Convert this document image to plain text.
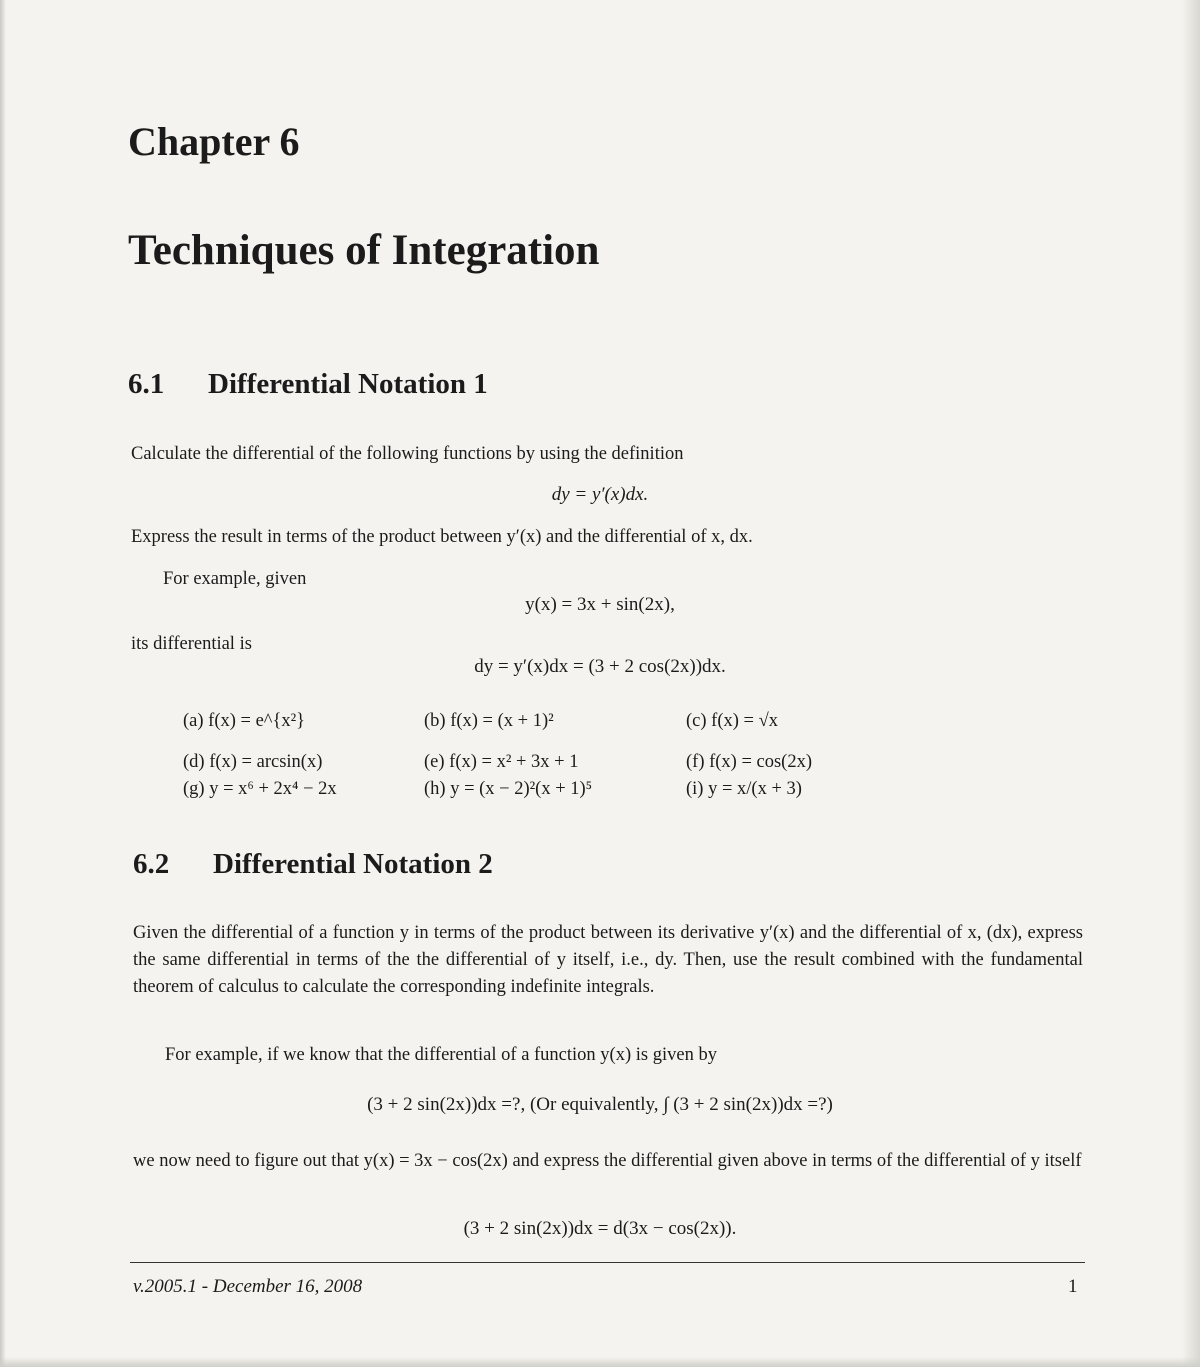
Chapter 6
Techniques of Integration
6.1 Differential Notation 1
Calculate the differential of the following functions by using the definition
dy = y′(x)dx.
Express the result in terms of the product between y′(x) and the differential of x, dx.
For example, given
y(x) = 3x + sin(2x),
its differential is
dy = y′(x)dx = (3 + 2 cos(2x))dx.
(a) f(x) = e^{x²}	(b) f(x) = (x + 1)²	(c) f(x) = √x
(d) f(x) = arcsin(x)	(e) f(x) = x² + 3x + 1	(f) f(x) = cos(2x)
(g) y = x⁶ + 2x⁴ − 2x	(h) y = (x − 2)²(x + 1)⁵	(i) y = x/(x + 3)
6.2 Differential Notation 2
Given the differential of a function y in terms of the product between its derivative y′(x) and the differential of x, (dx), express the same differential in terms of the the differential of y itself, i.e., dy. Then, use the result combined with the fundamental theorem of calculus to calculate the corresponding indefinite integrals.
For example, if we know that the differential of a function y(x) is given by
(3 + 2 sin(2x))dx =?, (Or equivalently, ∫ (3 + 2 sin(2x))dx =?)
we now need to figure out that y(x) = 3x − cos(2x) and express the differential given above in terms of the differential of y itself
(3 + 2 sin(2x))dx = d(3x − cos(2x)).
v.2005.1 - December 16, 2008	1
